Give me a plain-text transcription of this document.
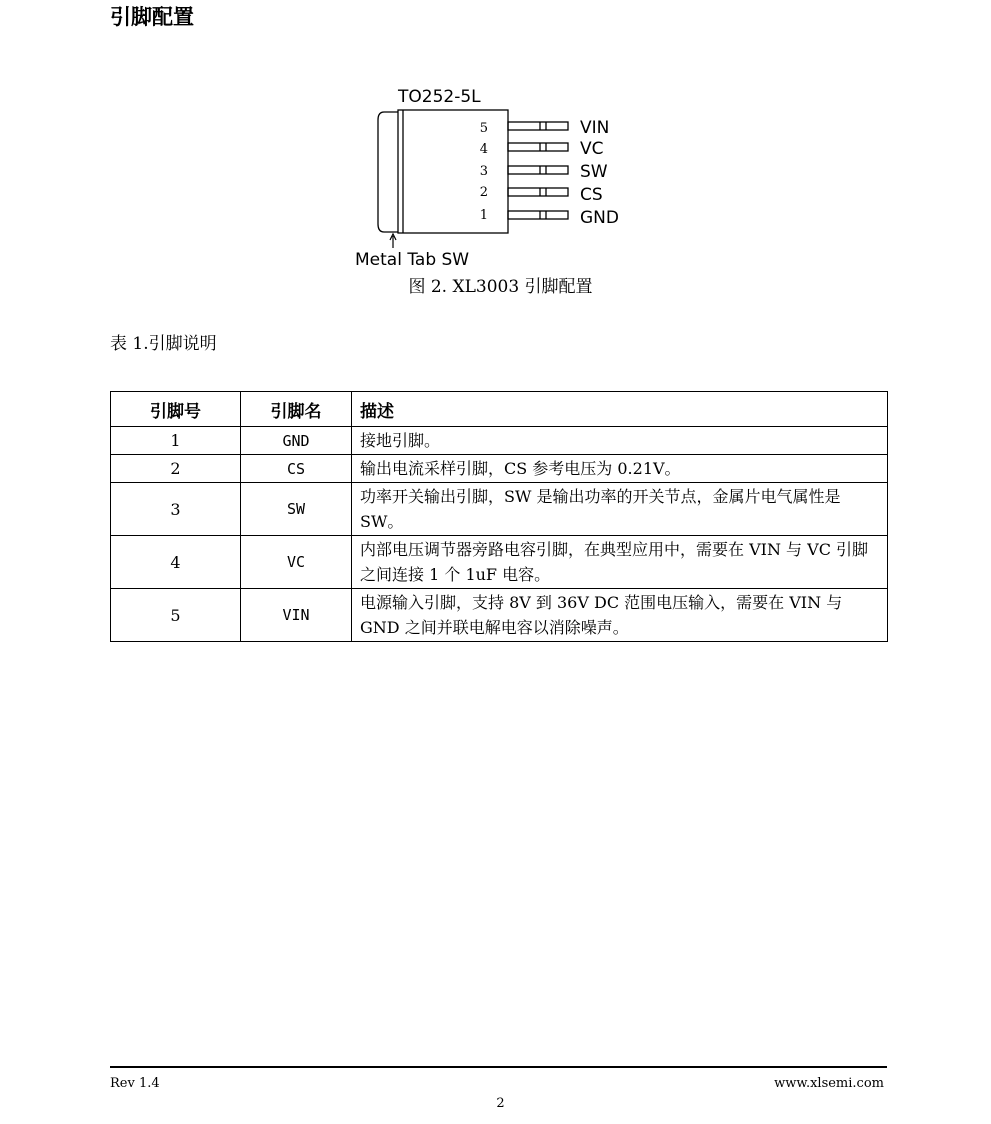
引脚配置
TO252-5L
5	VIN
4	VC
3	SW
2	CS
1	GND
Metal Tab SW
图 2. XL3003 引脚配置
表 1.引脚说明
引脚号	引脚名	描述
1	GND	接地引脚。
2	CS	输出电流采样引脚，CS 参考电压为 0.21V。
3	SW	功率开关输出引脚，SW 是输出功率的开关节点，金属片电气属性是 SW。
4	VC	内部电压调节器旁路电容引脚，在典型应用中，需要在 VIN 与 VC 引脚之间连接 1 个 1uF 电容。
5	VIN	电源输入引脚，支持 8V 到 36V DC 范围电压输入，需要在 VIN 与 GND 之间并联电解电容以消除噪声。
Rev 1.4	www.xlsemi.com
2
